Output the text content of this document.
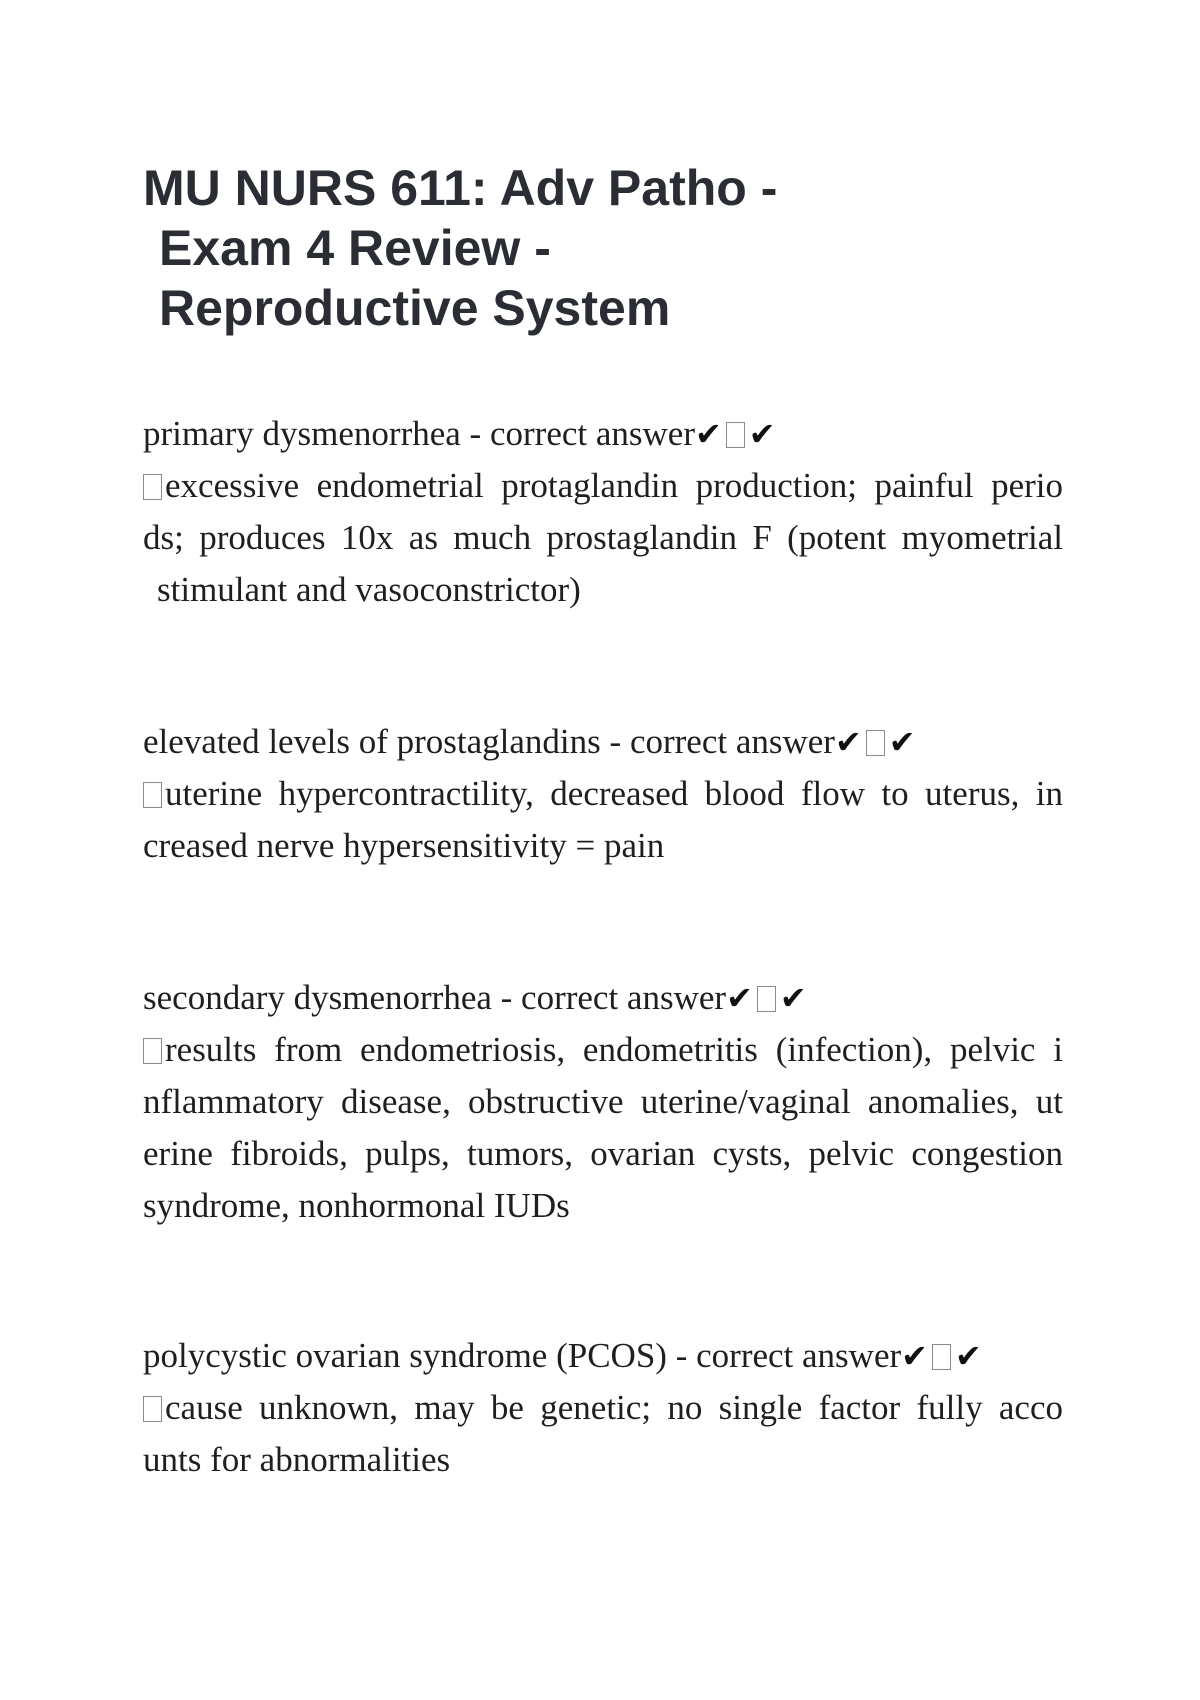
MU NURS 611: Adv Patho -
Exam 4 Review -
Reproductive System
primary dysmenorrhea - correct answer✔ ✔
excessive endometrial protaglandin production; painful perio
ds; produces 10x as much prostaglandin F (potent myometrial
stimulant and vasoconstrictor)
elevated levels of prostaglandins - correct answer✔ ✔
uterine hypercontractility, decreased blood flow to uterus, in
creased nerve hypersensitivity = pain
secondary dysmenorrhea - correct answer✔ ✔
results from endometriosis, endometritis (infection), pelvic i
nflammatory disease, obstructive uterine/vaginal anomalies, ut
erine fibroids, pulps, tumors, ovarian cysts, pelvic congestion
syndrome, nonhormonal IUDs
polycystic ovarian syndrome (PCOS) - correct answer✔ ✔
cause unknown, may be genetic; no single factor fully acco
unts for abnormalities
